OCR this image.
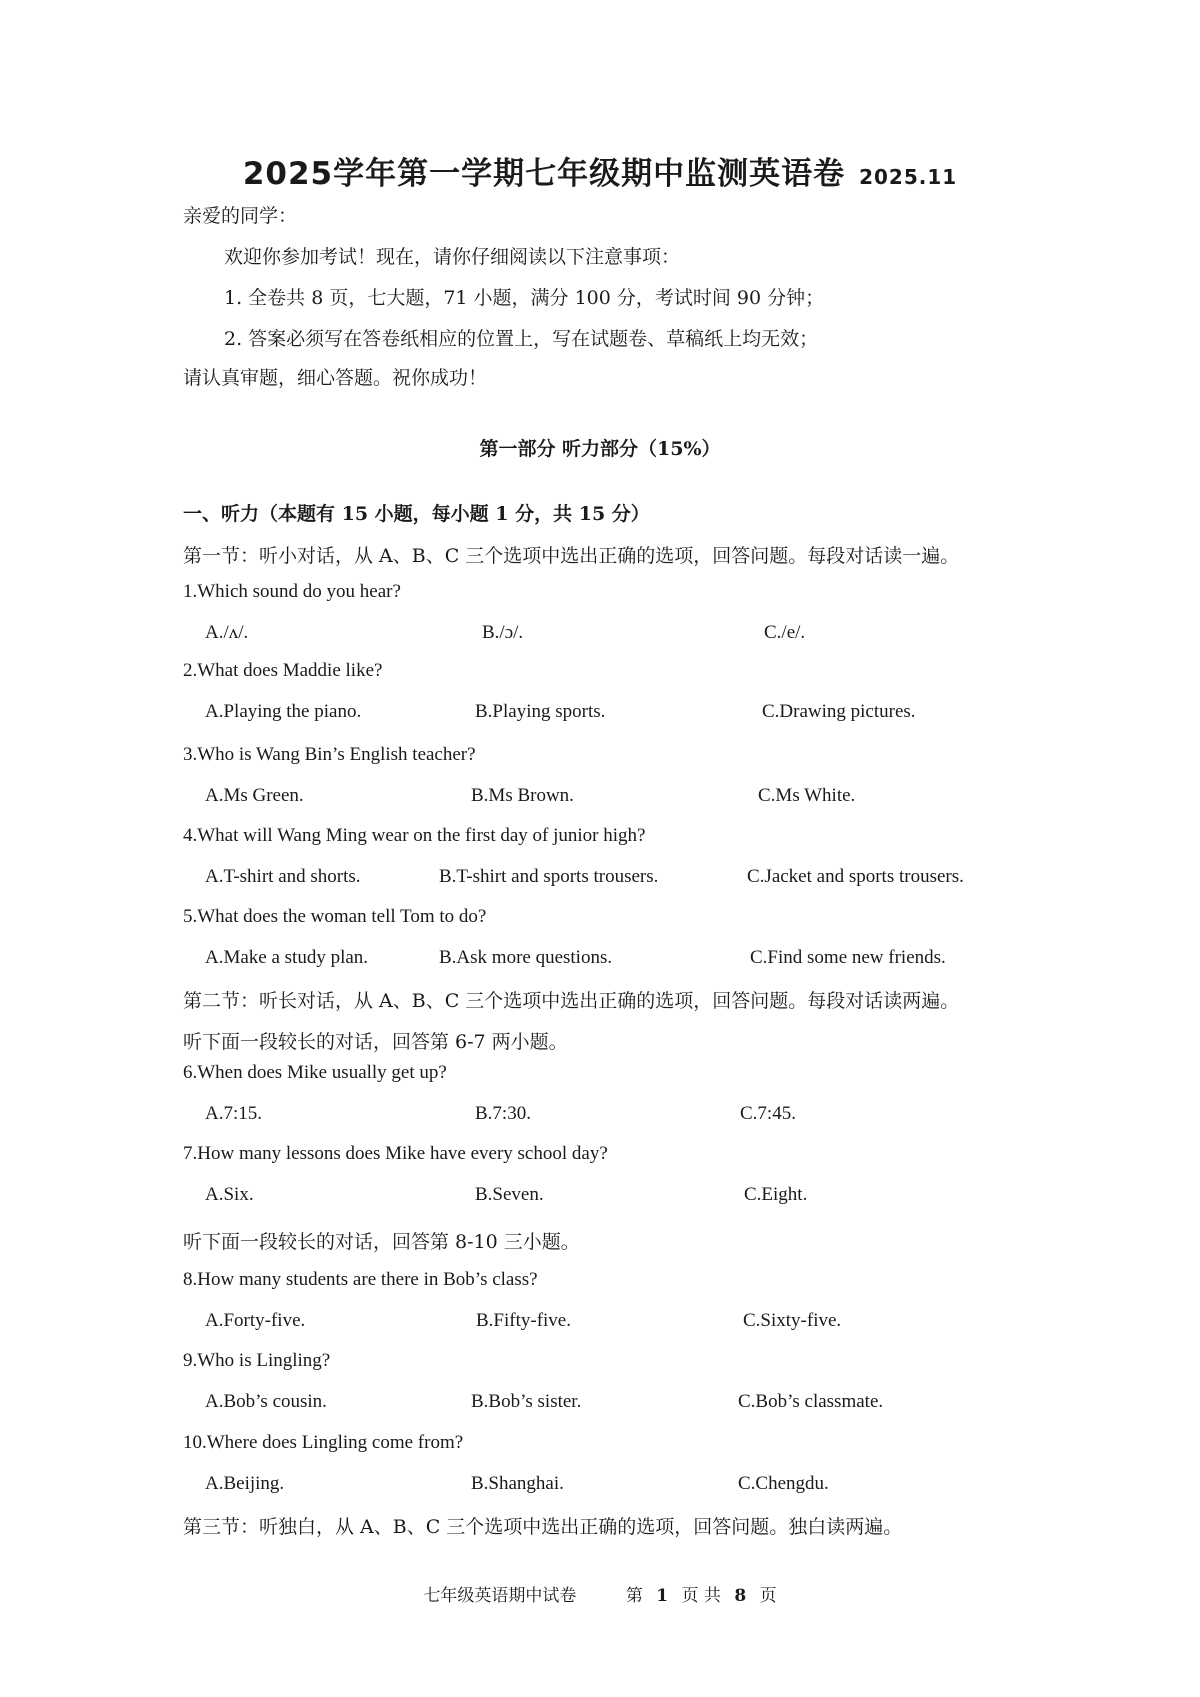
2025学年第一学期七年级期中监测英语卷 2025.11
亲爱的同学：
欢迎你参加考试！现在，请你仔细阅读以下注意事项：
1. 全卷共 8 页，七大题，71 小题，满分 100 分，考试时间 90 分钟；
2. 答案必须写在答卷纸相应的位置上，写在试题卷、草稿纸上均无效；
请认真审题，细心答题。祝你成功！
第一部分 听力部分（15%）
一、听力（本题有 15 小题，每小题 1 分，共 15 分）
第一节：听小对话，从 A、B、C 三个选项中选出正确的选项，回答问题。每段对话读一遍。
1.Which sound do you hear?
A./ʌ/.	B./ɔ/.	C./e/.
2.What does Maddie like?
A.Playing the piano.	B.Playing sports.	C.Drawing pictures.
3.Who is Wang Bin’s English teacher?
A.Ms Green.	B.Ms Brown.	C.Ms White.
4.What will Wang Ming wear on the first day of junior high?
A.T-shirt and shorts.	B.T-shirt and sports trousers.	C.Jacket and sports trousers.
5.What does the woman tell Tom to do?
A.Make a study plan.	B.Ask more questions.	C.Find some new friends.
第二节：听长对话，从 A、B、C 三个选项中选出正确的选项，回答问题。每段对话读两遍。
听下面一段较长的对话，回答第 6-7 两小题。
6.When does Mike usually get up?
A.7:15.	B.7:30.	C.7:45.
7.How many lessons does Mike have every school day?
A.Six.	B.Seven.	C.Eight.
听下面一段较长的对话，回答第 8-10 三小题。
8.How many students are there in Bob’s class?
A.Forty-five.	B.Fifty-five.	C.Sixty-five.
9.Who is Lingling?
A.Bob’s cousin.	B.Bob’s sister.	C.Bob’s classmate.
10.Where does Lingling come from?
A.Beijing.	B.Shanghai.	C.Chengdu.
第三节：听独白，从 A、B、C 三个选项中选出正确的选项，回答问题。独白读两遍。
七年级英语期中试卷	第 1 页 共 8 页
